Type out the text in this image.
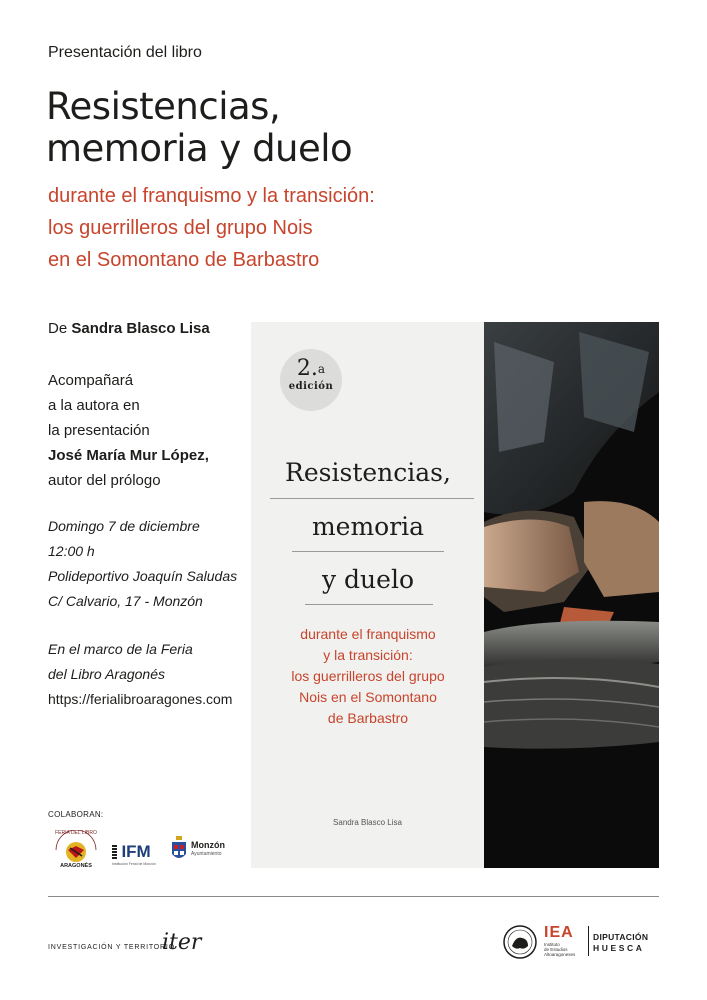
Presentación del libro
Resistencias,
memoria y duelo
durante el franquismo y la transición:
los guerrilleros del grupo Nois
en el Somontano de Barbastro
De Sandra Blasco Lisa
Acompañará
a la autora en
la presentación
José María Mur López,
autor del prólogo
Domingo 7 de diciembre
12:00 h
Polideportivo Joaquín Saludas
C/ Calvario, 17 - Monzón
En el marco de la Feria
del Libro Aragonés
https://ferialibroaragones.com
COLABORAN:
FERIA DEL LIBRO
ARAGONÉS
IFM
Institución Ferial de Monzón
Monzón
Ayuntamiento
2.$^a$
edición
Resistencias,
memoria
y duelo
durante el franquismo
y la transición:
los guerrilleros del grupo
Nois en el Somontano
de Barbastro
Sandra Blasco Lisa
INVESTIGACIÓN Y TERRITORIO
iter	IEA
Instituto
de Estudios
Altoaragoneses
DIPUTACIÓN
HUESCA
